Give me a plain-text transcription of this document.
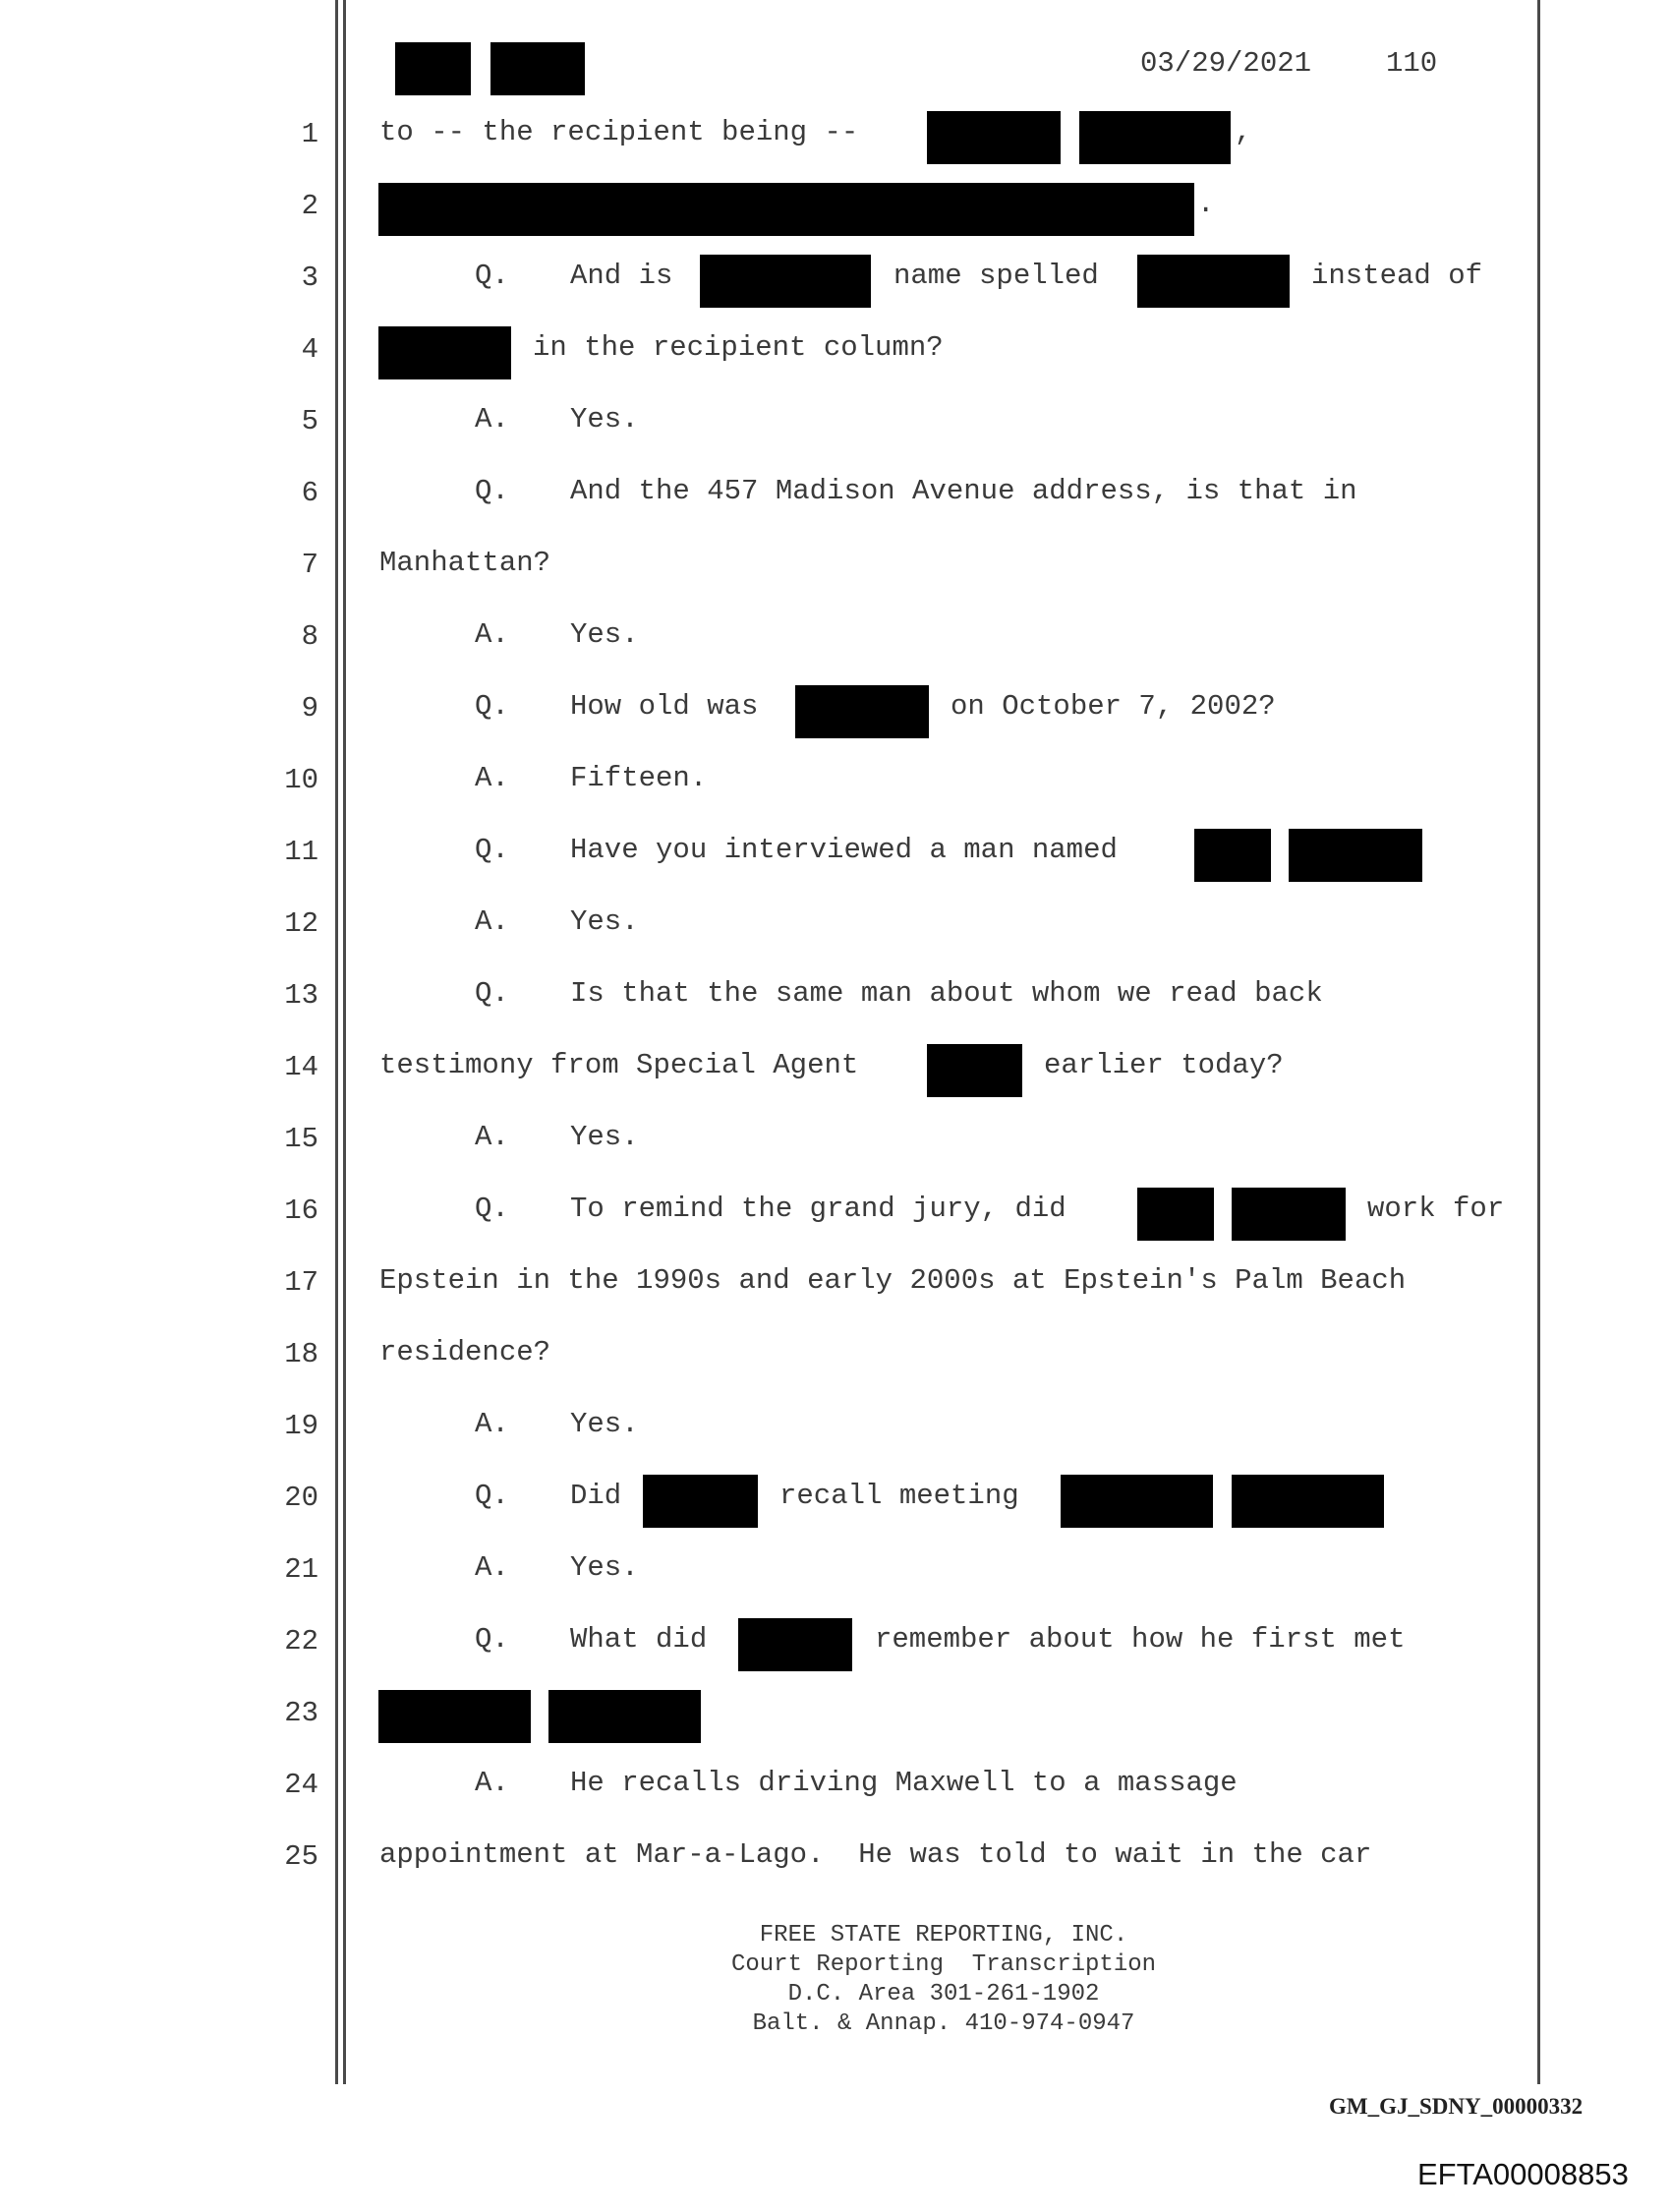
03/29/2021	110
1
2
3
4
5
6
7
8
9
10
11
12
13
14
15
16
17
18
19
20
21
22
23
24
25
to -- the recipient being --	,
.
Q. And is	name spelled	instead of
in the recipient column?
A. Yes.
Q. And the 457 Madison Avenue address, is that in
Manhattan?
A. Yes.
Q. How old was	on October 7, 2002?
A. Fifteen.
Q. Have you interviewed a man named
A. Yes.
Q. Is that the same man about whom we read back
testimony from Special Agent	earlier today?
A. Yes.
Q. To remind the grand jury, did	work for
Epstein in the 1990s and early 2000s at Epstein's Palm Beach
residence?
A. Yes.
Q. Did	recall meeting
A. Yes.
Q. What did	remember about how he first met
A. He recalls driving Maxwell to a massage
appointment at Mar-a-Lago.  He was told to wait in the car
FREE STATE REPORTING, INC.
Court Reporting  Transcription
D.C. Area 301-261-1902
Balt. & Annap. 410-974-0947
GM_GJ_SDNY_00000332
EFTA00008853
